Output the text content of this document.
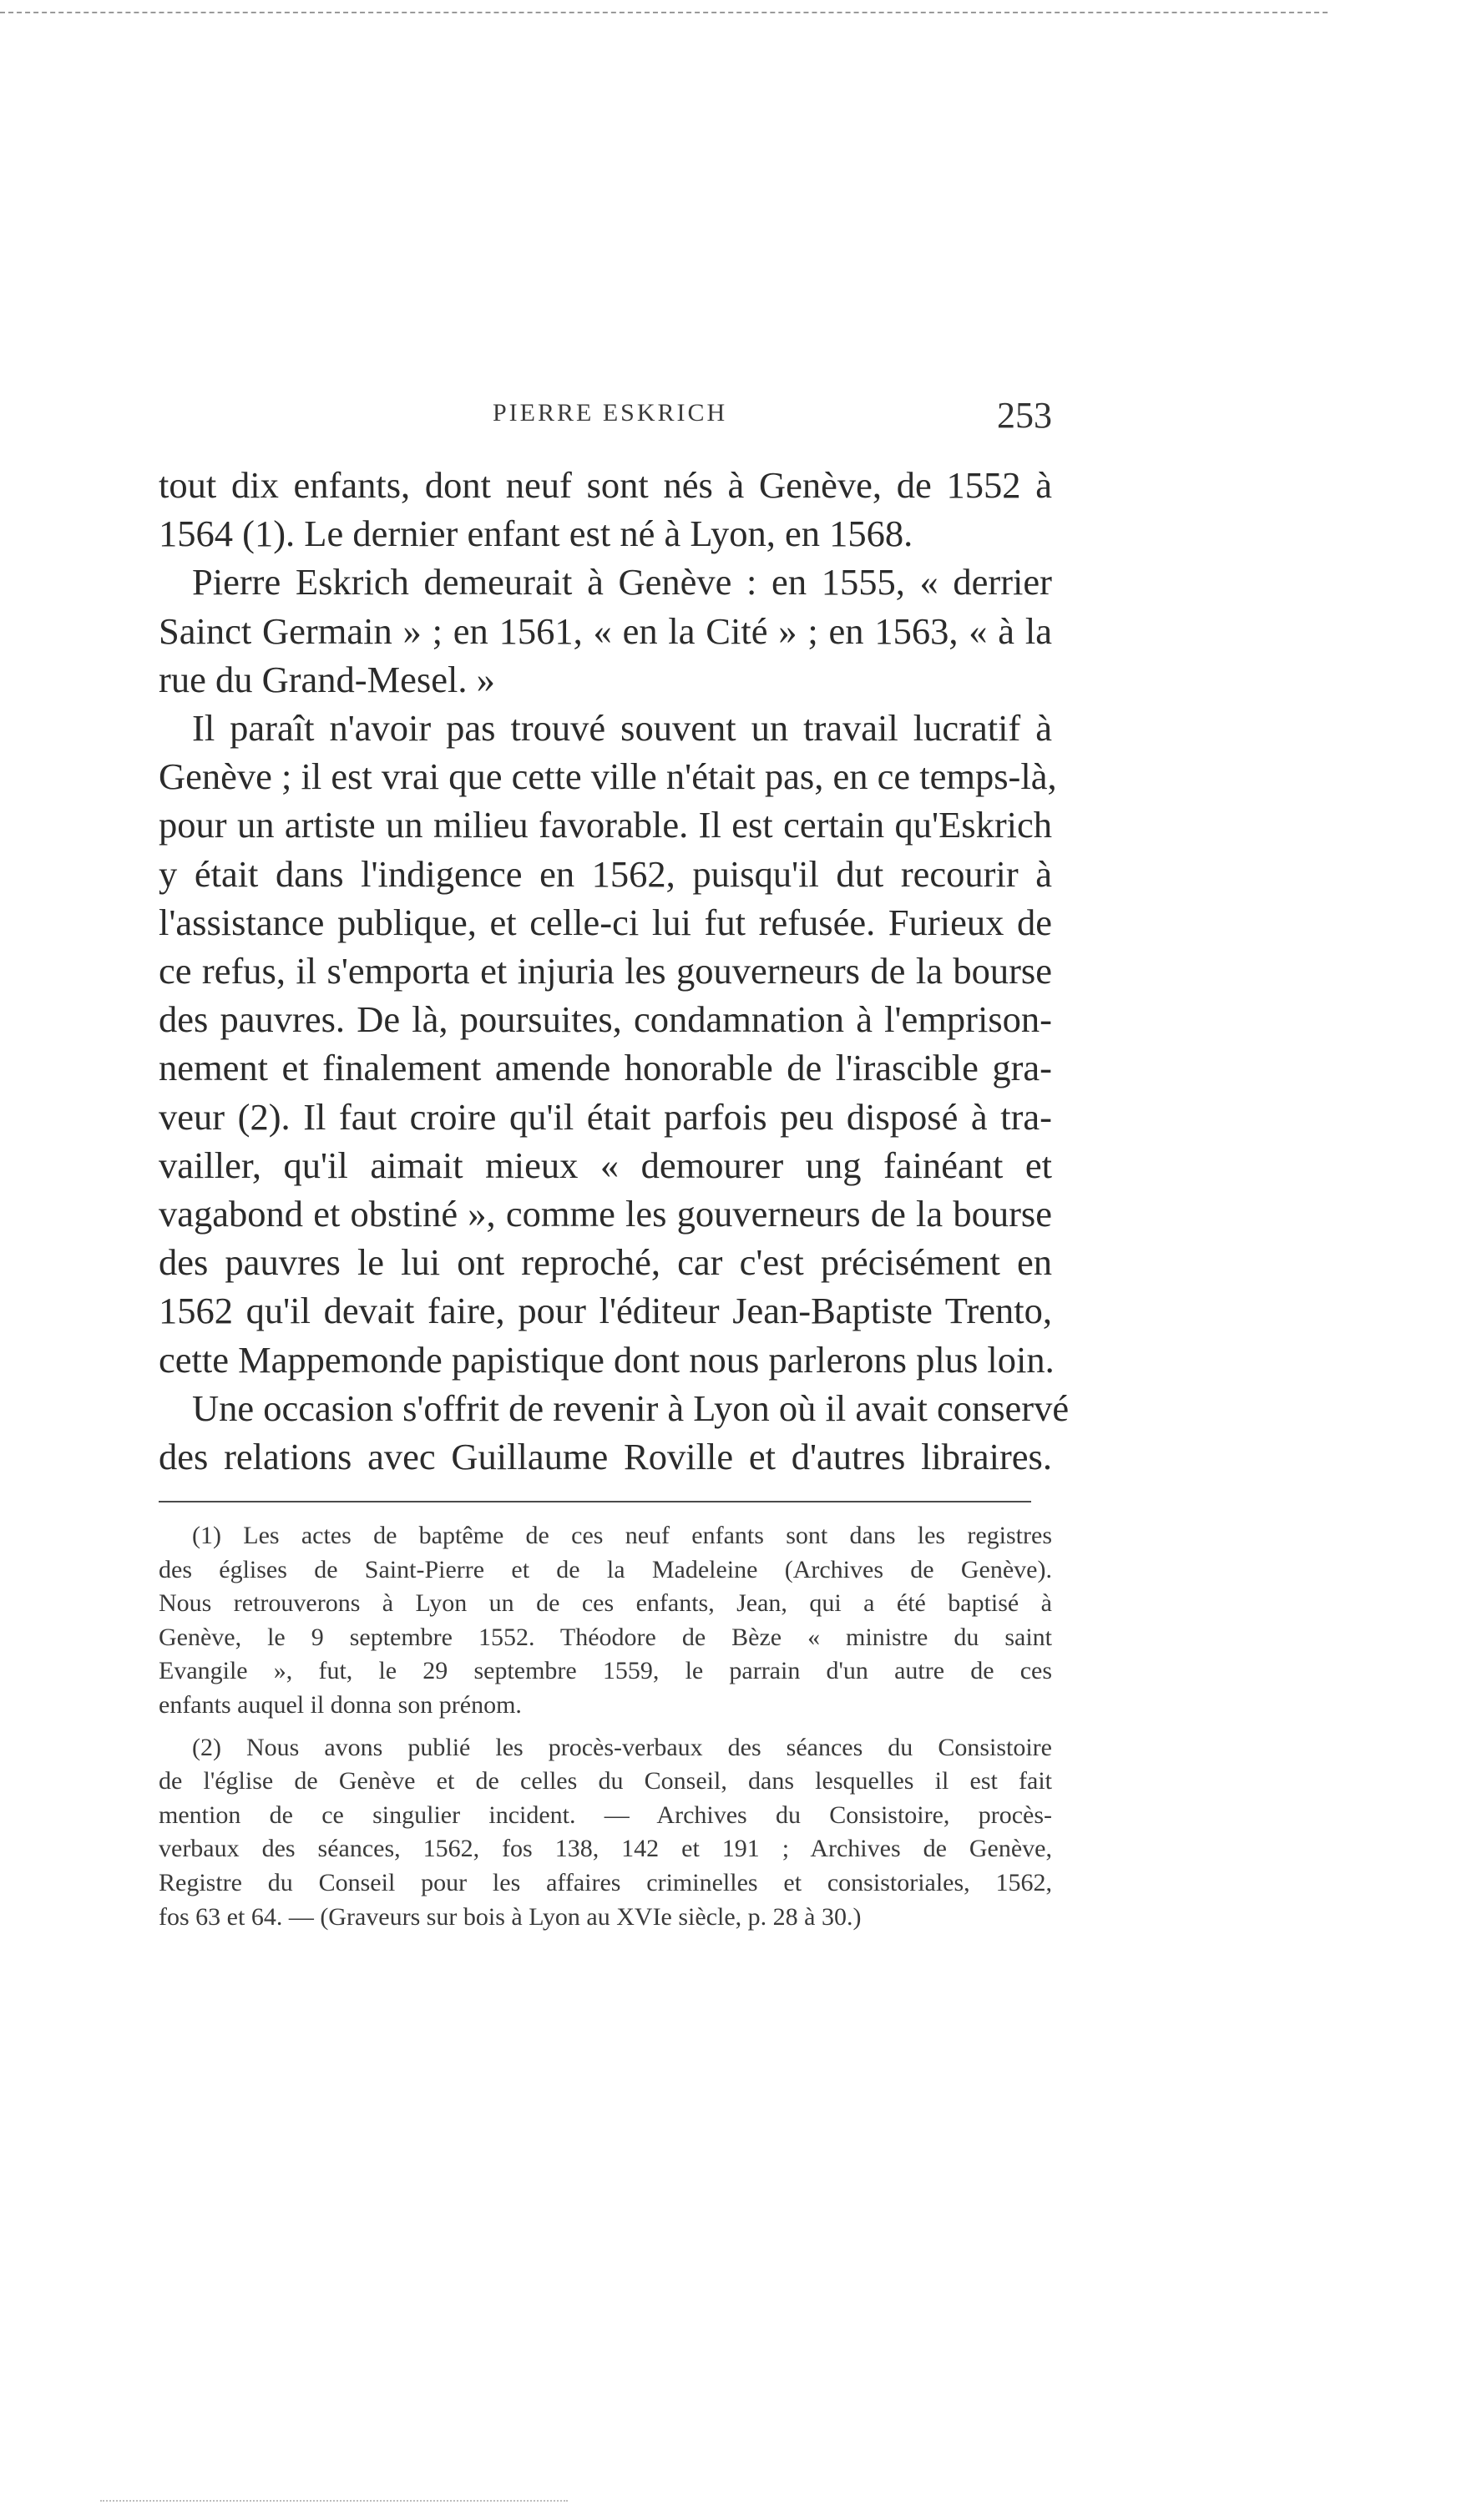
PIERRE ESKRICH	253
tout dix enfants, dont neuf sont nés à Genève, de 1552 à
1564 (1). Le dernier enfant est né à Lyon, en 1568.
Pierre Eskrich demeurait à Genève : en 1555, « derrier
Sainct Germain » ; en 1561, « en la Cité » ; en 1563, « à la
rue du Grand-Mesel. »
Il paraît n'avoir pas trouvé souvent un travail lucratif à
Genève ; il est vrai que cette ville n'était pas, en ce temps-là,
pour un artiste un milieu favorable. Il est certain qu'Eskrich
y était dans l'indigence en 1562, puisqu'il dut recourir à
l'assistance publique, et celle-ci lui fut refusée. Furieux de
ce refus, il s'emporta et injuria les gouverneurs de la bourse
des pauvres. De là, poursuites, condamnation à l'emprison-
nement et finalement amende honorable de l'irascible gra-
veur (2). Il faut croire qu'il était parfois peu disposé à tra-
vailler, qu'il aimait mieux « demourer ung fainéant et
vagabond et obstiné », comme les gouverneurs de la bourse
des pauvres le lui ont reproché, car c'est précisément en
1562 qu'il devait faire, pour l'éditeur Jean-Baptiste Trento,
cette Mappemonde papistique dont nous parlerons plus loin.
Une occasion s'offrit de revenir à Lyon où il avait conservé
des relations avec Guillaume Roville et d'autres libraires.
(1) Les actes de baptême de ces neuf enfants sont dans les registres
des églises de Saint-Pierre et de la Madeleine (Archives de Genève).
Nous retrouverons à Lyon un de ces enfants, Jean, qui a été baptisé à
Genève, le 9 septembre 1552. Théodore de Bèze « ministre du saint
Evangile », fut, le 29 septembre 1559, le parrain d'un autre de ces
enfants auquel il donna son prénom.
(2) Nous avons publié les procès-verbaux des séances du Consistoire
de l'église de Genève et de celles du Conseil, dans lesquelles il est fait
mention de ce singulier incident. — Archives du Consistoire, procès-
verbaux des séances, 1562, fos 138, 142 et 191 ; Archives de Genève,
Registre du Conseil pour les affaires criminelles et consistoriales, 1562,
fos 63 et 64. — (Graveurs sur bois à Lyon au XVIe siècle, p. 28 à 30.)
